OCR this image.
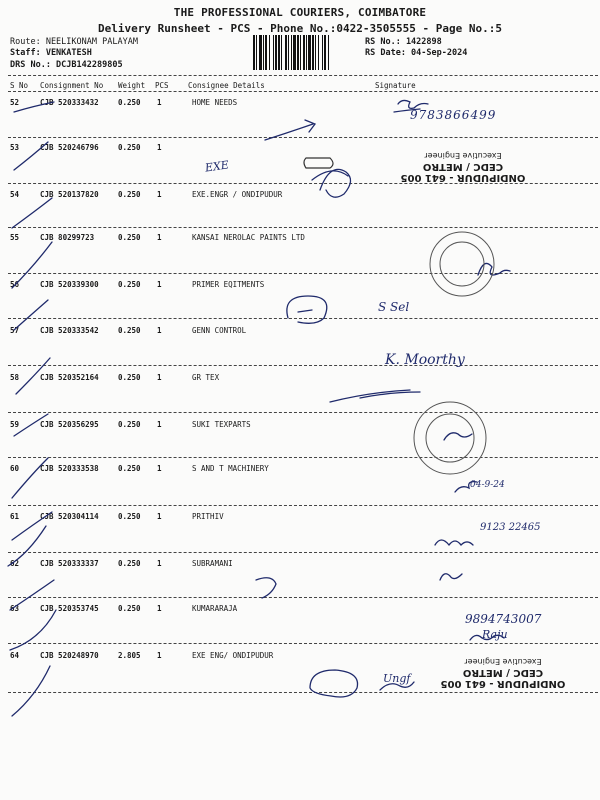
THE PROFESSIONAL COURIERS, COIMBATORE
Delivery Runsheet - PCS - Phone No.:0422-3505555 - Page No.:5
Route: NEELIKONAM PALAYAM
Staff: VENKATESH
DRS No.: DCJB142289805
RS No.: 1422898
RS Date: 04-Sep-2024
S No Consignment No Weight PCS	Consignee Details	Signature
52	CJB 520333432	0.250 1	HOME NEEDS
53	CJB 520246796	0.250 1
54	CJB 520137820	0.250 1	EXE.ENGR / ONDIPUDUR
55	CJB 80299723	0.250 1	KANSAI NEROLAC PAINTS LTD
56	CJB 520339300	0.250 1	PRIMER EQITMENTS
57	CJB 520333542	0.250 1	GENN CONTROL
58	CJB 520352164	0.250 1	GR TEX
59	CJB 520356295	0.250 1	SUKI TEXPARTS
60	CJB 520333538	0.250 1	S AND T MACHINERY
61	CJB 520304114	0.250 1	PRITHIV
62	CJB 520333337	0.250 1	SUBRAMANI
63	CJB 520353745	0.250 1	KUMARARAJA
64	CJB 520248970	2.805 1	EXE ENG/ ONDIPUDUR
9783866499
EXE
S Sel
K. Moorthy
04-9-24
9123 22465
9894743007
Raju
Ungf
ONDIPUDUR - 641 005
CEDC / METRO
Executive Engineer
ONDIPUDUR - 641 005
CEDC / METRO
Executive Engineer
